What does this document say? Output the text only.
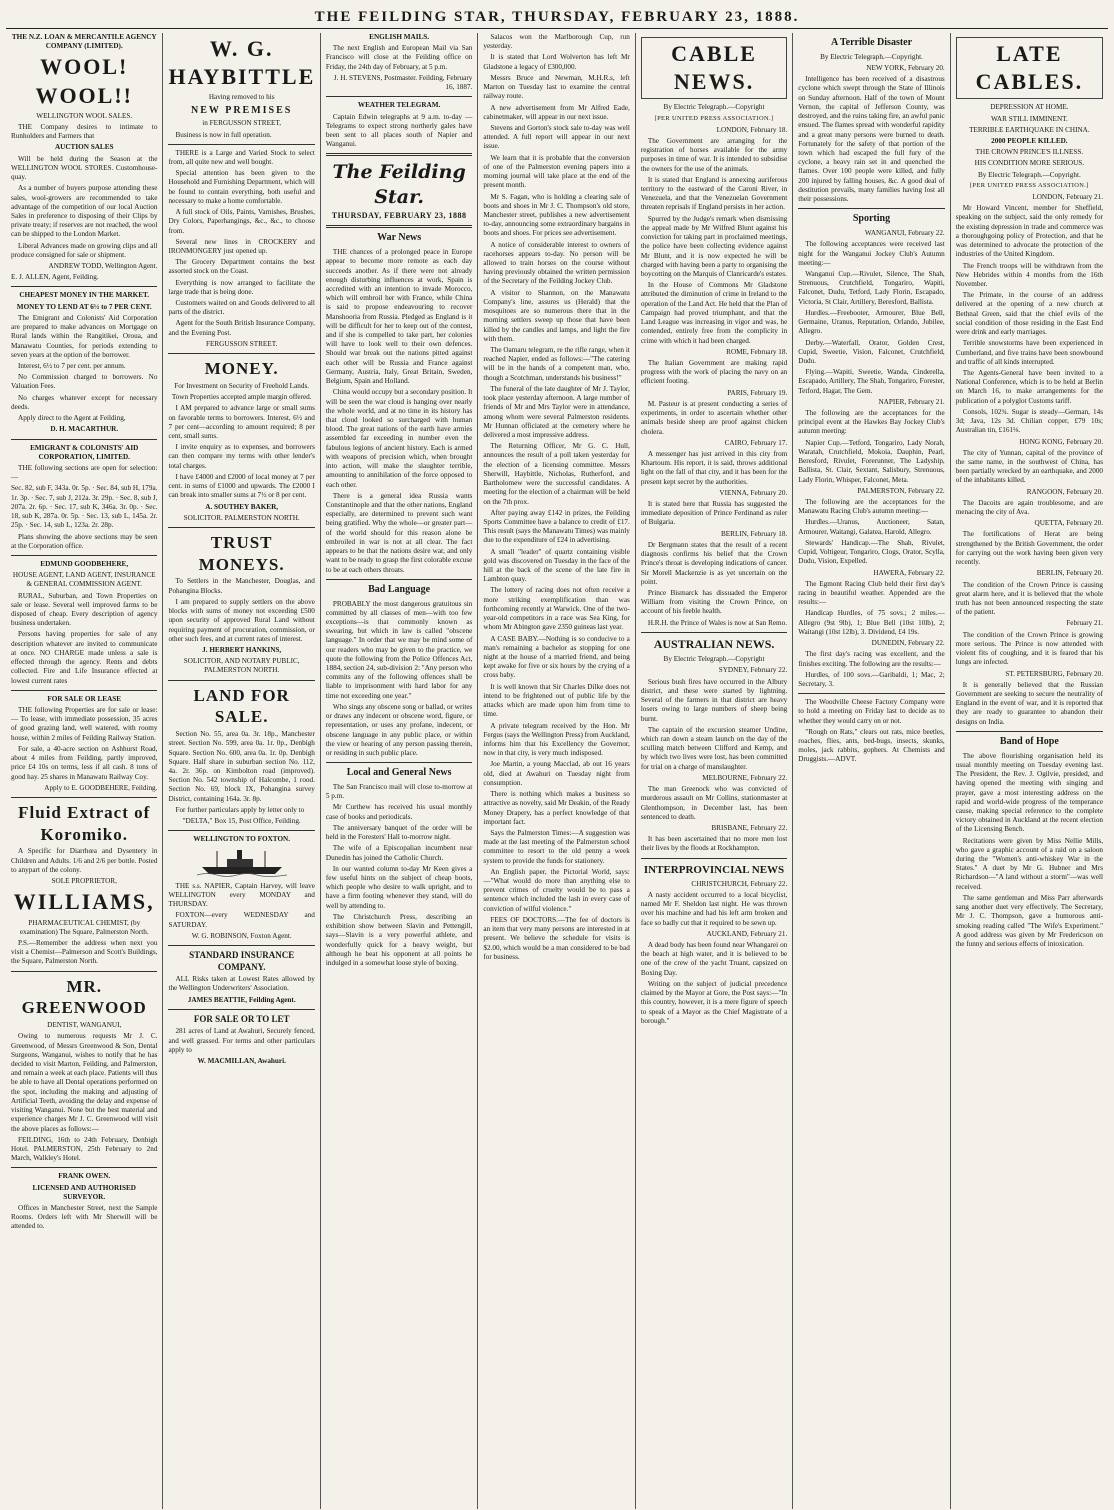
THE FEILDING STAR, THURSDAY, FEBRUARY 23, 1888.

THE N.Z. LOAN & MERCANTILE AGENCY COMPANY (LIMITED).

WOOL! WOOL!!

WELLINGTON WOOL SALES.

THE Company desires to intimate to Runholders and Farmers that

AUCTION SALES

Will be held during the Season at the WELLINGTON WOOL STORES. Customhouse-quay.

As a number of buyers purpose attending these sales, wool-growers are recommended to take advantage of the competition of our local Auction Sales in preference to disposing of their Clips by private treaty; if reserves are not reached, the wool can be shipped to the London Market.

Liberal Advances made on growing clips and all produce consigned for sale or shipment.

ANDREW TODD, Wellington Agent.

E. J. ALLEN, Agent, Feilding.

CHEAPEST MONEY IN THE MARKET.

MONEY TO LEND AT 6½ to 7 PER CENT.

The Emigrant and Colonists' Aid Corporation are prepared to make advances on Mortgage on Rural lands within the Rangitikei, Oroua, and Manawatu Counties, for periods extending to seven years at the option of the borrower.

Interest, 6½ to 7 per cent. per annum.

No Commission charged to borrowers. No Valuation Fees.

No charges whatever except for necessary deeds.

Apply direct to the Agent at Feilding,

D. H. MACARTHUR.

EMIGRANT & COLONISTS' AID CORPORATION, LIMITED.

THE following sections are open for selection:—

Sec. 82, sub F, 343a. 0r. 5p. · Sec. 84, sub H, 179a. 1r. 3p. · Sec. 7, sub J, 212a. 3r. 29p. · Sec. 8, sub J, 207a. 2r. 6p. · Sec. 17, sub K, 346a. 3r. 0p. · Sec. 18, sub K, 287a. 0r. 5p. · Sec. 13, sub L, 145a. 2r. 25p. · Sec. 14, sub L, 123a. 2r. 28p.

Plans showing the above sections may be seen at the Corporation office.

EDMUND GOODBEHERE,

HOUSE AGENT, LAND AGENT, INSURANCE & GENERAL COMMISSION AGENT.

RURAL, Suburban, and Town Properties on sale or lease. Several well improved farms to be disposed of cheap. Every description of agency business undertaken.

Persons having properties for sale of any description whatever are invited to communicate at once. NO CHARGE made unless a sale is effected through the agency. Rents and debts collected. Fire and Life Insurance effected at lowest current rates

FOR SALE OR LEASE

THE following Properties are for sale or lease:— To lease, with immediate possession, 35 acres of good grazing land, well watered, with roomy house, within 2 miles of Feilding Railway Station.

For sale, a 40-acre section on Ashhurst Road, about 4 miles from Feilding, partly improved, price £4 10s on terms, less if all cash. 8 tons of good hay. 25 shares in Manawatu Railway Coy.

Apply to E. GOODBEHERE, Feilding.

Fluid Extract of Koromiko.

A Specific for Diarrhœa and Dysentery in Children and Adults. 1/6 and 2/6 per bottle. Posted to anypart of the colony.

SOLE PROPRIETOR,

WILLIAMS,

PHARMACEUTICAL CHEMIST, (by examination) The Square, Palmerston North.

P.S.—Remember the address when next you visit a Chemist—Palmerson and Scott's Buildings, the Square, Palmerston North.

MR. GREENWOOD

DENTIST, WANGANUI,

Owing to numerous requests Mr J. C. Greenwood, of Messrs Greenwood & Son, Dental Surgeons, Wanganui, wishes to notify that he has decided to visit Marton, Feilding, and Palmerston, and remain a week at each place. Patients will thus be able to have all Dental operations performed on the spot, including the making and adjusting of Artificial Teeth, avoiding the delay and expense of visiting Wanganui. None but the best material and experience charges Mr J. C. Greenwood will visit the above places as follows:—

FEILDING, 16th to 24th February, Denbigh Hotel. PALMERSTON, 25th February to 2nd March, Walkley's Hotel.

FRANK OWEN.

LICENSED AND AUTHORISED SURVEYOR.

Offices in Manchester Street, next the Sample Rooms. Orders left with Mr Sherwill will be attended to.

W. G. HAYBITTLE

Having removed to his

NEW PREMISES

in FERGUSSON STREET,

Business is now in full operation.

THERE is a Large and Varied Stock to select from, all quite new and well bought.

Special attention has been given to the Household and Furnishing Department, which will be found to contain everything, both useful and necessary to make a home comfortable.

A full stock of Oils, Paints, Varnishes, Brushes, Dry Colors, Paperhangings, &c., &c., to choose from.

Several new lines in CROCKERY and IRONMONGERY just opened up.

The Grocery Department contains the best assorted stock on the Coast.

Everything is now arranged to facilitate the large trade that is being done.

Customers waited on and Goods delivered to all parts of the district.

Agent for the South British Insurance Company, and the Evening Post.

FERGUSSON STREET.

MONEY.

For Investment on Security of Freehold Lands.

Town Properties accepted ample margin offered.

I AM prepared to advance large or small sums on favorable terms to borrowers. Interest, 6½ and 7 per cent—according to amount required; 8 per cent, small sums.

I invite enquiry as to expenses, and borrowers can then compare my terms with other lender's total charges.

I have £4000 and £2000 of local money at 7 per cent. in sums of £1000 and upwards. The £2000 I can break into smaller sums at 7½ or 8 per cent.

A. SOUTHEY BAKER,

SOLICITOR. PALMERSTON NORTH.

TRUST MONEYS.

To Settlers in the Manchester, Douglas, and Pohangina Blocks.

I am prepared to supply settlers on the above blocks with sums of money not exceeding £500 upon security of approved Rural Land without requiring payment of procuration, commission, or other such fees, and at current rates of interest.

J. HERBERT HANKINS,

SOLICITOR, AND NOTARY PUBLIC, PALMERSTON NORTH.

LAND FOR SALE.

Section No. 55, area 0a. 3r. 18p., Manchester street. Section No. 599, area 0a. 1r. 0p., Denbigh Square. Section No. 600, area 0a. 1r. 0p. Denbigh Square. Half share in suburban section No. 112, 4a. 2r. 36p. on Kimbolton road (improved). Section No. 542 township of Halcombe, 1 rood. Section No. 69, block IX, Pohangina survey District, containing 164a. 3r. 8p.

For further particulars apply by letter only to

"DELTA," Box 15, Post Office, Feilding.

WELLINGTON TO FOXTON.

THE s.s. NAPIER, Captain Harvey, will leave WELLINGTON every MONDAY and THURSDAY.

FOXTON—every WEDNESDAY and SATURDAY.

W. G. ROBINSON, Foxton Agent.

STANDARD INSURANCE COMPANY.

ALL Risks taken at Lowest Rates allowed by the Wellington Underwriters' Association.

JAMES BEATTIE, Feilding Agent.

FOR SALE OR TO LET

281 acres of Land at Awahuri, Securely fenced, and well grassed. For terms and other particulars apply to

W. MACMILLAN, Awahuri.

ENGLISH MAILS.

The next English and European Mail via San Francisco will close at the Feilding office on Friday, the 24th day of February, at 5 p.m.

J. H. STEVENS, Postmaster. Feilding, February 16, 1887.

WEATHER TELEGRAM.

Captain Edwin telegraphs at 9 a.m. to-day — Telegrams to expect strong northerly gales have been sent to all places south of Napier and Wanganui.

The Feilding Star.
THURSDAY, FEBRUARY 23, 1888
War News

THE chances of a prolonged peace in Europe appear to become more remote as each day succeeds another. As if there were not already enough disturbing influences at work, Spain is accredited with an intention to invade Morocco, which will embroil her with France, while China is said to propose endeavouring to recover Manshooria from Russia. Pledged as England is it will be difficult for her to keep out of the contest, and if she is compelled to take part, her colonies will have to look well to their own defences. Should war break out the nations pitted against each other will be Russia and France against Germany, Austria, Italy, Great Britain, Sweden, Belgium, Spain and Holland.

China would occupy but a secondary position. It will be seen the war cloud is hanging over nearly the whole world, and at no time in its history has that cloud looked so surcharged with human blood. The great nations of the earth have armies assembled far exceeding in number even the fabulous legions of ancient history. Each is armed with weapons of precision which, when brought into action, will make the slaughter terrible, amounting to annihilation of the force opposed to each other.

There is a general idea Russia wants Constantinople and that the other nations, England especially, are determined to prevent such want being gratified. Why the whole—or greater part—of the world should for this reason alone be embroiled in war is not at all clear. The fact appears to be that the nations desire war, and only want to be ready to grasp the first colorable excuse to be at each others throats.

Bad Language

PROBABLY the most dangerous gratuitous sin committed by all classes of men—with too few exceptions—is that commonly known as swearing, but which in law is called "obscene language." In order that we may be mind some of our readers who may be given to the practice, we quote the following from the Police Offences Act, 1884, section 24, sub-division 2: "Any person who commits any of the following offences shall be liable to imprisonment with hard labor for any time not exceeding one year."

Who sings any obscene song or ballad, or writes or draws any indecent or obscene word, figure, or representation, or uses any profane, indecent, or obscene language in any public place, or within the view or hearing of any person passing therein, or residing in such public place.

Local and General News

The San Francisco mail will close to-morrow at 5 p.m.

Mr Curthew has received his usual monthly case of books and periodicals.

The anniversary banquet of the order will be held in the Foresters' Hall to-morrow night.

The wife of a Episcopalian incumbent near Dunedin has joined the Catholic Church.

In our wanted column to-day Mr Keen gives a few useful hints on the subject of cheap boots, which people who desire to walk upright, and to have a firm footing whenever they stand, will do well by attending to.

The Christchurch Press, describing an exhibition show between Slavin and Pettengill, says—Slavin is a very powerful athlete, and wonderfully quick for a heavy weight, but although he beat his opponent at all points he indulged in a somewhat loose style of boxing.

Salacos won the Marlborough Cup, run yesterday.

It is stated that Lord Wolverton has left Mr Gladstone a legacy of £300,000.

Messrs Bruce and Newman, M.H.R.s, left Marton on Tuesday last to examine the central railway route.

A new advertisement from Mr Alfred Eade, cabinetmaker, will appear in our next issue.

Stevens and Gorton's stock sale to-day was well attended. A full report will appear in our next issue.

We learn that it is probable that the conversion of one of the Palmerston evening papers into a morning journal will take place at the end of the present month.

Mr S. Fagan, who is holding a clearing sale of boots and shoes in Mr J. C. Thompson's old store, Manchester street, publishes a new advertisement to-day, announcing some extraordinary bargains in boots and shoes. For prices see advertisement.

A notice of considerable interest to owners of racehorses appears to-day. No person will be allowed to train horses on the course without having previously obtained the written permission of the Secretary of the Feilding Jockey Club.

A visitor to Shannon, on the Manawatu Company's line, assures us (Herald) that the mosquitoes are so numerous there that in the morning settlers sweep up those that have been killed by the candles and lamps, and light the fire with them.

The Oamaru telegram, re the rifle range, when it reached Napier, ended as follows:—"The catering will be in the hands of a competent man, who, though a Scotchman, understands his business!"

The funeral of the late daughter of Mr J. Taylor, took place yesterday afternoon. A large number of friends of Mr and Mrs Taylor were in attendance, among whom were several Palmerston residents. Mr Hunnan officiated at the cemetery where he delivered a most impressive address.

The Returning Officer, Mr G. C. Hull, announces the result of a poll taken yesterday for the election of a licensing committee. Messrs Sherwill, Haybittle, Nicholas, Rutherford, and Bartholomew were the successful candidates. A meeting for the election of a chairman will be held on the 7th prox.

After paying away £142 in prizes, the Feilding Sports Committee have a balance to credit of £17. This result (says the Manawatu Times) was mainly due to the expenditure of £24 in advertising.

A small "leader" of quartz containing visible gold was discovered on Tuesday in the face of the hill at the back of the scene of the late fire in Lambton quay.

The lottery of racing does not often receive a more striking exemplification than was forthcoming recently at Warwick. One of the two-year-old competitors in a race was Sea King, for whom Mr Abington gave 2350 guineas last year.

A CASE BABY.—Nothing is so conducive to a man's remaining a bachelor as stopping for one night at the house of a married friend, and being kept awake for five or six hours by the crying of a cross baby.

It is well known that Sir Charles Dilke does not intend to be frightened out of public life by the attacks which are made upon him from time to time.

A private telegram received by the Hon. Mr Fergus (says the Wellington Press) from Auckland, informs him that his Excellency the Governor, now in that city, is very much indisposed.

Joe Martin, a young Macclad, ab out 16 years old, died at Awahuri on Tuesday night from consumption.

There is nothing which makes a business so attractive as novelty, said Mr Deakin, of the Ready Money Drapery, has a perfect knowledge of that important fact.

Says the Palmerston Times:—A suggestion was made at the last meeting of the Palmerston school committee to resort to the old penny a week system to provide the funds for stationery.

An English paper, the Pictorial World, says:—"What would do more than anything else to prevent crimes of cruelty would be to pass a sentence which included the lash in every case of conviction of wilful violence."

FEES OF DOCTORS.—The fee of doctors is an item that very many persons are interested in at present. We believe the schedule for visits is $2.00, which would be a man considered to be bad for business.

CABLE NEWS.

By Electric Telegraph.—Copyright

[PER UNITED PRESS ASSOCIATION.]

LONDON, February 18.

The Government are arranging for the registration of horses available for the army purposes in time of war. It is intended to subsidise the owners for the use of the animals.

It is stated that England is annexing auriferous territory to the eastward of the Caroni River, in Venezuela, and that the Venezuelan Government threaten reprisals if England persists in her action.

Spurred by the Judge's remark when dismissing the appeal made by Mr Wilfred Blunt against his conviction for taking part in proclaimed meetings, the police have been collecting evidence against Mr Blunt, and it is now expected he will be charged with having been a party to organising the boycotting on the Marquis of Clanricarde's estates.

In the House of Commons Mr Gladstone attributed the diminution of crime in Ireland to the operation of the Land Act. He held that the Plan of Campaign had proved triumphant, and that the Land League was increasing in vigor and was, he contended, entirely free from the complicity in crime with which it had been charged.

ROME, February 18.

The Italian Government are making rapid progress with the work of placing the navy on an efficient footing.

PARIS, February 19.

M. Pasteur is at present conducting a series of experiments, in order to ascertain whether other animals beside sheep are proof against chicken cholera.

CAIRO, February 17.

A messenger has just arrived in this city from Khartoum. His report, it is said, throws additional light on the fall of that city, and it has been for the present kept secret by the authorities.

VIENNA, February 20.

It is stated here that Russia has suggested the immediate deposition of Prince Ferdinand as ruler of Bulgaria.

BERLIN, February 18.

Dr Bergmann states that the result of a recent diagnosis confirms his belief that the Crown Prince's throat is developing indications of cancer. Sir Morell Mackenzie is as yet uncertain on the point.

Prince Bismarck has dissuaded the Emperor William from visiting the Crown Prince, on account of his feeble health.

H.R.H. the Prince of Wales is now at San Remo.

AUSTRALIAN NEWS.

By Electric Telegraph.—Copyright

SYDNEY, February 22.

Serious bush fires have occurred in the Albury district, and these were started by lightning. Several of the farmers in that district are heavy losers owing to large numbers of sheep being burnt.

The captain of the excursion steamer Undine, which ran down a steam launch on the day of the sculling match between Clifford and Kemp, and by which two lives were lost, has been committed for trial on a charge of manslaughter.

MELBOURNE, February 22.

The man Greenock who was convicted of murderous assault on Mr Collins, stationmaster at Glenthompson, in December last, has been sentenced to death.

BRISBANE, February 22.

It has been ascertained that no more men lost their lives by the floods at Rockhampton.

INTERPROVINCIAL NEWS

CHRISTCHURCH, February 22.

A nasty accident occurred to a local bicyclist, named Mr F. Sheldon last night. He was thrown over his machine and had his left arm broken and face so badly cut that it required to be sewn up.

AUCKLAND, February 21.

A dead body has been found near Whangarei on the beach at high water, and it is believed to be one of the crew of the yacht Truant, capsized on Boxing Day.

Writing on the subject of judicial precedence claimed by the Mayor at Gore, the Post says:—"In this country, however, it is a mere figure of speech to speak of a Mayor as the Chief Magistrate of a borough."

A Terrible Disaster

By Electric Telegraph.—Copyright.

NEW YORK, February 20.

Intelligence has been received of a disastrous cyclone which swept through the State of Illinois on Sunday afternoon. Half of the town of Mount Vernon, the capital of Jefferson County, was destroyed, and the ruins taking fire, an awful panic ensued. The flames spread with wonderful rapidity and a great many persons were burned to death. Fortunately for the safety of that portion of the town which had escaped the full fury of the cyclone, a heavy rain set in and quenched the flames. Over 100 people were killed, and fully 200 injured by falling houses, &c. A good deal of destitution prevails, many families having lost all their possessions.

Sporting

WANGANUI, February 22.

The following acceptances were received last night for the Wanganui Jockey Club's Autumn meeting:—

Wanganui Cup.—Rivulet, Silence, The Shah, Strenuous, Crutchfield, Tongariro, Wapiti, Falconet, Dudu, Tetford, Lady Florin, Escapado, Victoria, St Clair, Artillery, Beresford, Ballista.

Hurdles.—Freebooter, Armourer, Blue Bell, Germaine, Uranus, Reputation, Orlando, Jubilee, Allegro.

Derby.—Waterfall, Orator, Golden Crest, Cupid, Sweetie, Vision, Falconet, Crutchfield, Dudu.

Flying.—Wapiti, Sweetie, Wanda, Cinderella, Escapado, Artillery, The Shah, Tongariro, Forester, Tetford, Hagar, The Gem.

NAPIER, February 21.

The following are the acceptances for the principal event at the Hawkes Bay Jockey Club's autumn meeting:

Napier Cup.—Tetford, Tongariro, Lady Norah, Waratah, Crutchfield, Mokoia, Dauphin, Pearl, Beresford, Rivulet, Forerunner, The Ladyship, Ballista, St. Clair, Sextant, Salisbury, Strenuous, Lady Florin, Whisper, Falconet, Meta.

PALMERSTON, February 22.

The following are the acceptances for the Manawatu Racing Club's autumn meeting:—

Hurdles.—Uranus, Auctioneer, Satan, Armourer, Waitangi, Galatea, Harold, Allegro.

Stewards' Handicap.—The Shah, Rivulet, Cupid, Voltigeur, Tongariro, Clogs, Orator, Scylla, Dudu, Vision, Expelled.

HAWERA, February 22.

The Egmont Racing Club held their first day's racing in beautiful weather. Appended are the results:—

Handicap Hurdles, of 75 sovs.; 2 miles.—Allegro (9st 9lb), 1; Blue Bell (10st 10lb), 2; Waitangi (10st 12lb), 3. Dividend, £4 19s.

DUNEDIN, February 22.

The first day's racing was excellent, and the finishes exciting. The following are the results:—

Hurdles, of 100 sovs.—Garibaldi, 1; Mac, 2; Secretary, 3.

The Woodville Cheese Factory Company were to hold a meeting on Friday last to decide as to whether they would carry on or not.

"Rough on Rats," clears out rats, mice beetles, roaches, flies, ants, bed-bugs, insects, skunks, moles, jack rabbits, gophers. At Chemists and Druggists.—ADVT.

LATE CABLES.

DEPRESSION AT HOME.

WAR STILL IMMINENT.

TERRIBLE EARTHQUAKE IN CHINA.

2000 PEOPLE KILLED.

THE CROWN PRINCE'S ILLNESS.

HIS CONDITION MORE SERIOUS.

By Electric Telegraph.—Copyright.

[PER UNITED PRESS ASSOCIATION.]

LONDON, February 21.

Mr Howard Vincent, member for Sheffield, speaking on the subject, said the only remedy for the existing depression in trade and commerce was a thoroughgoing policy of Protection, and that he was determined to advocate the protection of the industries of the United Kingdom.

The French troops will be withdrawn from the New Hebrides within 4 months from the 16th November.

The Primate, in the course of an address delivered at the opening of a new church at Bethnal Green, said that the chief evils of the social condition of those residing in the East End were drink and early marriages.

Terrible snowstorms have been experienced in Cumberland, and five trains have been snowbound and traffic of all kinds interrupted.

The Agents-General have been invited to a National Conference, which is to be held at Berlin on March 16, to make arrangements for the publication of a polyglot Customs tariff.

Consols, 102¾. Sugar is steady—German, 14s 3d; Java, 12s 3d. Chilian copper, £79 10s; Australian tin, £161⅛.

HONG KONG, February 20.

The city of Yunnan, capital of the province of the same name, in the southwest of China, has been partially wrecked by an earthquake, and 2000 of the inhabitants killed.

RANGOON, February 20.

The Dacoits are again troublesome, and are menacing the city of Ava.

QUETTA, February 20.

The fortifications of Herat are being strengthened by the British Government, the order for carrying out the work having been given very recently.

BERLIN, February 20.

The condition of the Crown Prince is causing great alarm here, and it is believed that the whole truth has not been announced respecting the state of the patient.

February 21.

The condition of the Crown Prince is growing more serious. The Prince is now attended with violent fits of coughing, and it is feared that his lungs are infected.

ST. PETERSBURG, February 20.

It is generally believed that the Russian Government are seeking to secure the neutrality of England in the event of war, and it is reported that they are ready to guarantee to abandon their designs on India.

Band of Hope

The above flourishing organisation held its usual monthly meeting on Tuesday evening last. The President, the Rev. J. Ogilvie, presided, and having opened the meeting with singing and prayer, gave a most interesting address on the rapid and world-wide progress of the temperance cause, making special reference to the complete victory obtained in Auckland at the recent election of the Licensing Bench.

Recitations were given by Miss Nellie Mills, who gave a graphic account of a raid on a saloon during the "Women's anti-whiskey War in the States." A duet by Mr G. Hubner and Mrs Richardson—"A land without a storm"—was well received.

The same gentleman and Miss Parr afterwards sang another duet very effectively. The Secretary, Mr J. C. Thompson, gave a humorous anti-smoking reading called "The Wife's Experiment." A good address was given by Mr Fredericson on the funny and serious effects of intoxication.
